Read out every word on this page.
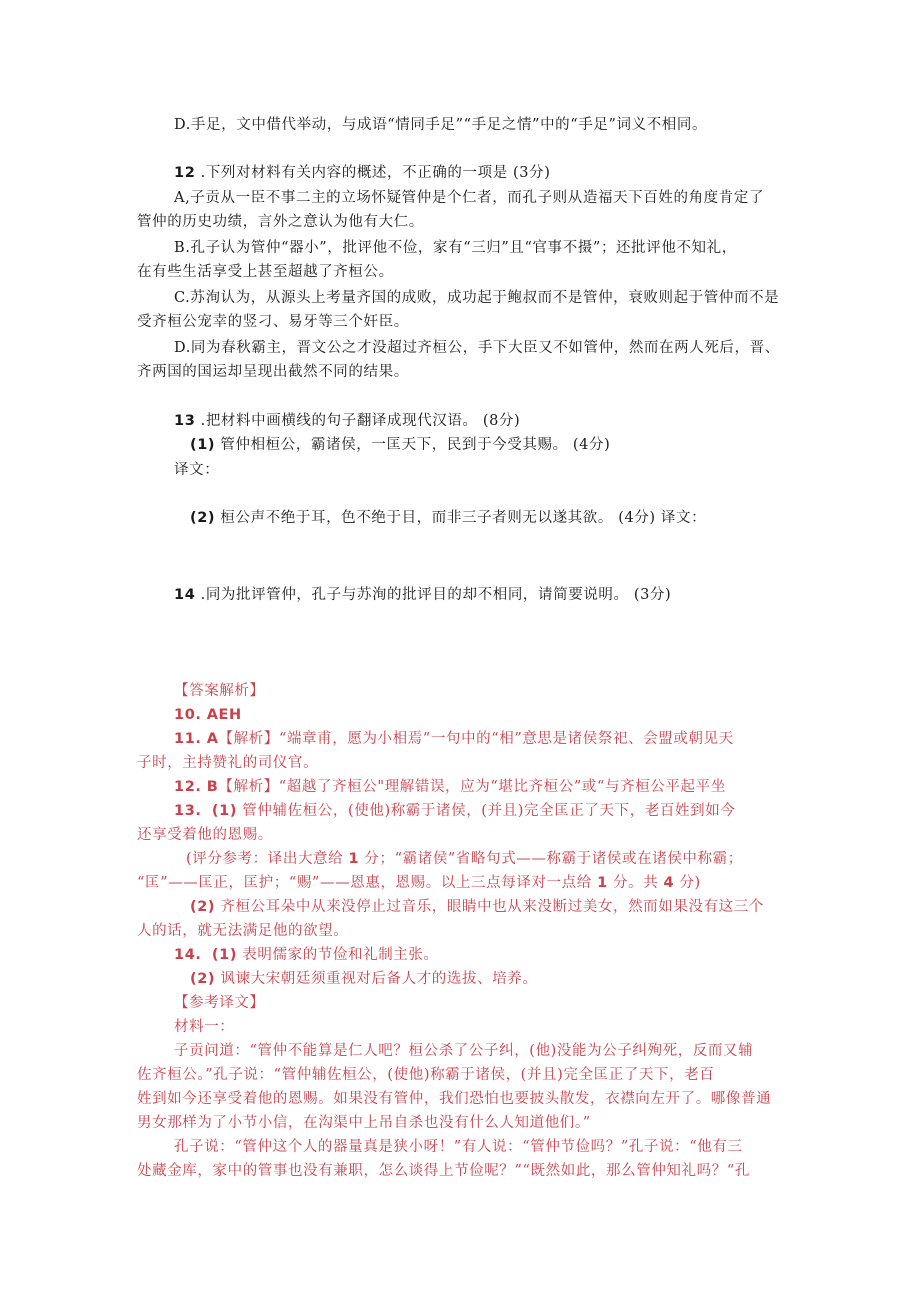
D.手足，文中借代举动，与成语“情同手足”“手足之情”中的“手足”词义不相同。
12 .下列对材料有关内容的概述，不正确的一项是 (3分)
A,子贡从一臣不事二主的立场怀疑管仲是个仁者，而孔子则从造福天下百姓的角度肯定了
管仲的历史功绩，言外之意认为他有大仁。
B.孔子认为管仲“器小”，批评他不俭，家有“三归”且“官事不摄”；还批评他不知礼，
在有些生活享受上甚至超越了齐桓公。
C.苏洵认为，从源头上考量齐国的成败，成功起于鲍叔而不是管仲，衰败则起于管仲而不是
受齐桓公宠幸的竖刁、易牙等三个奸臣。
D.同为春秋霸主，晋文公之才没超过齐桓公，手下大臣又不如管仲，然而在两人死后，晋、
齐两国的国运却呈现出截然不同的结果。
13 .把材料中画横线的句子翻译成现代汉语。 (8分)
(1) 管仲相桓公，霸诸侯，一匡天下，民到于今受其赐。 (4分)
译文：
(2) 桓公声不绝于耳，色不绝于目，而非三子者则无以遂其欲。 (4分) 译文：
14 .同为批评管仲，孔子与苏洵的批评目的却不相同，请简要说明。 (3分)
【答案解析】
10. AEH
11. A【解析】“端章甫，愿为小相焉”一句中的“相”意思是诸侯祭祀、会盟或朝见天
子时，主持赞礼的司仪官。
12. B【解析】“超越了齐桓公"理解错误，应为“堪比齐桓公”或“与齐桓公平起平坐
13. (1) 管仲辅佐桓公，(使他)称霸于诸侯，(并且)完全匡正了天下，老百姓到如今
还享受着他的恩赐。
(评分参考：译出大意给 1 分；“霸诸侯”省略句式——称霸于诸侯或在诸侯中称霸；
“匡”——匡正，匡护；“赐”——恩惠，恩赐。以上三点每译对一点给 1 分。共 4 分)
(2) 齐桓公耳朵中从来没停止过音乐，眼睛中也从来没断过美女，然而如果没有这三个
人的话，就无法满足他的欲望。
14. (1) 表明儒家的节俭和礼制主张。
(2) 讽谏大宋朝廷须重视对后备人才的选拔、培养。
【参考译文】
材料一：
子贡问道：“管仲不能算是仁人吧？桓公杀了公子纠，(他)没能为公子纠殉死，反而又辅
佐齐桓公。”孔子说：“管仲辅佐桓公，(使他)称霸于诸侯，(并且)完全匡正了天下，老百
姓到如今还享受着他的恩赐。如果没有管仲，我们恐怕也要披头散发，衣襟向左开了。哪像普通
男女那样为了小节小信，在沟渠中上吊自杀也没有什么人知道他们。”
孔子说：“管仲这个人的器量真是狭小呀！”有人说：“管仲节俭吗？”孔子说：“他有三
处藏金库，家中的管事也没有兼职，怎么谈得上节俭呢？”“既然如此，那么管仲知礼吗？“孔
